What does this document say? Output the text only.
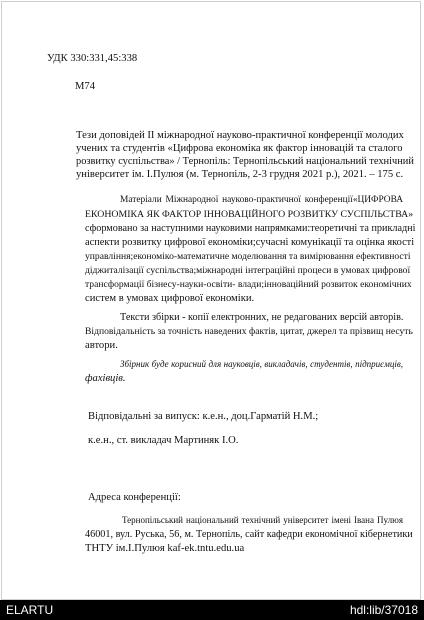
УДК 330:331,45:338
М74
Тези доповідей ІІ міжнародної науково-практичної конференції молодих
учених та студентів «Цифрова економіка як фактор інновацій та сталого
розвитку суспільства» / Тернопіль: Тернопільський національний технічний
університет ім. І.Пулюя (м. Тернопіль, 2-3 грудня 2021 р.), 2021. – 175 с.
Матеріали Міжнародної науково-практичної конференції«ЦИФРОВА
ЕКОНОМІКА ЯК ФАКТОР ІННОВАЦІЙНОГО РОЗВИТКУ СУСПІЛЬСТВА»
сформовано за наступними науковими напрямками:теоретичні та прикладні
аспекти розвитку цифрової економіки;сучасні комунікації та оцінка якості
управління;економіко-математичне моделювання та вимірювання ефективності
діджиталізації суспільства;міжнародні інтеграційні процеси в умовах цифрової
трансформації бізнесу-науки-освіти- влади;інноваційний розвиток економічних
систем в умовах цифрової економіки.
Тексти збірки - копії електронних, не редагованих версій авторів.
Відповідальність за точність наведених фактів, цитат, джерел та прізвищ несуть
автори.
Збірник буде корисний для науковців, викладачів, студентів, підприємців,
фахівців.
Відповідальні за випуск: к.е.н., доц.Гарматій Н.М.;
к.е.н., ст. викладач Мартиняк І.О.
Адреса конференції:
Тернопільський національний технічний університет імені Івана Пулюя
46001, вул. Руська, 56, м. Тернопіль, сайт кафедри економічної кібернетики
ТНТУ ім.І.Пулюя kaf-ek.tntu.edu.ua
ELARTU	hdl:lib/37018
